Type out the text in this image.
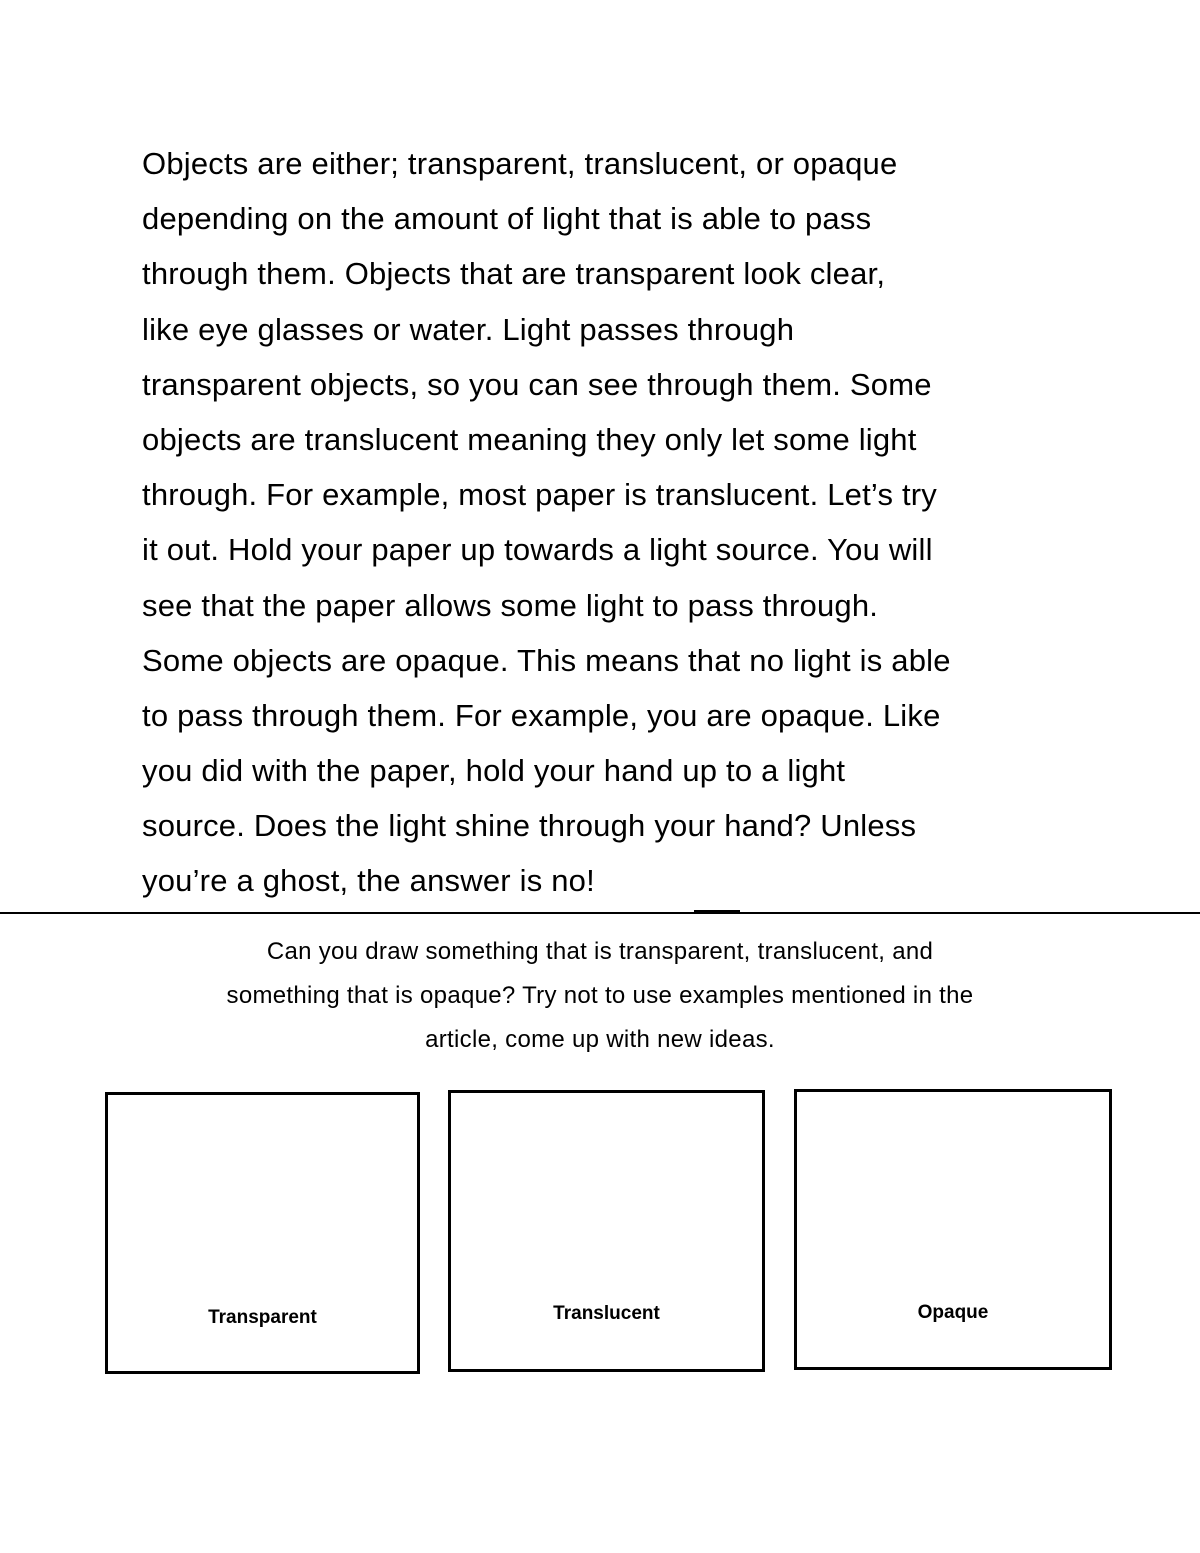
Objects are either; transparent, translucent, or opaque
depending on the amount of light that is able to pass
through them. Objects that are transparent look clear,
like eye glasses or water. Light passes through
transparent objects, so you can see through them. Some
objects are translucent meaning they only let some light
through. For example, most paper is translucent. Let’s try
it out. Hold your paper up towards a light source. You will
see that the paper allows some light to pass through.
Some objects are opaque. This means that no light is able
to pass through them. For example, you are opaque. Like
you did with the paper, hold your hand up to a light
source. Does the light shine through your hand? Unless
you’re a ghost, the answer is no!
Can you draw something that is transparent, translucent, and
something that is opaque? Try not to use examples mentioned in the
article, come up with new ideas.
Transparent	Translucent	Opaque
